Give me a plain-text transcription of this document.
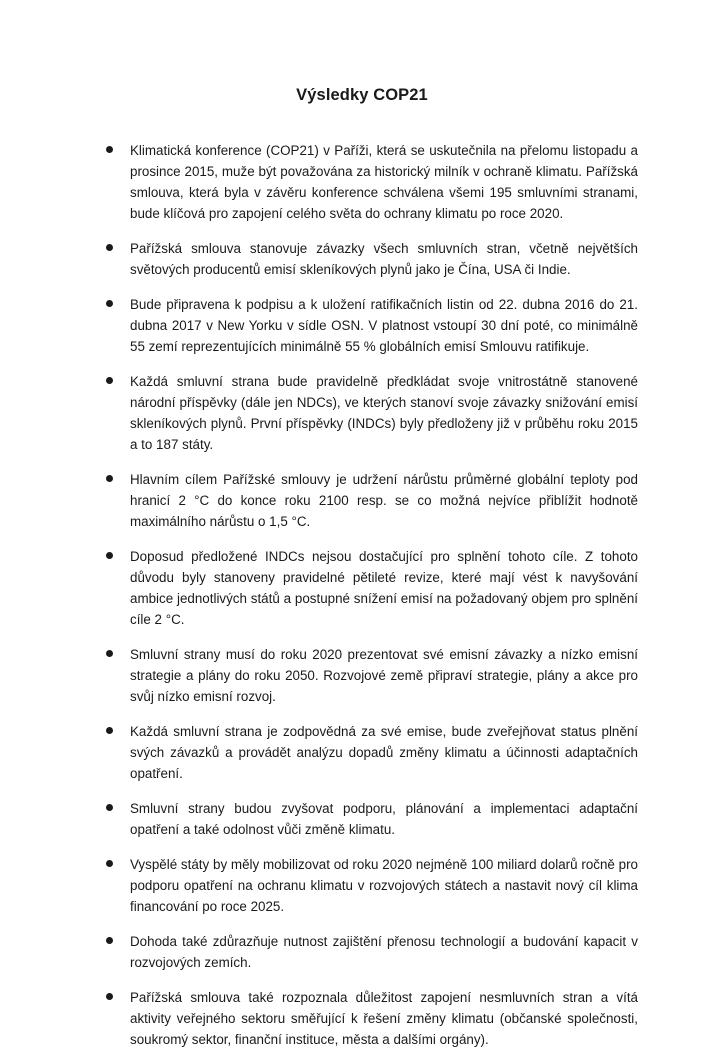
Výsledky COP21
Klimatická konference (COP21) v Paříži, která se uskutečnila na přelomu listopadu a prosince 2015, muže být považována za historický milník v ochraně klimatu. Pařížská smlouva, která byla v závěru konference schválena všemi 195 smluvními stranami, bude klíčová pro zapojení celého světa do ochrany klimatu po roce 2020.
Pařížská smlouva stanovuje závazky všech smluvních stran, včetně největších světových producentů emisí skleníkových plynů jako je Čína, USA či Indie.
Bude připravena k podpisu a k uložení ratifikačních listin od 22. dubna 2016 do 21. dubna 2017 v New Yorku v sídle OSN. V platnost vstoupí 30 dní poté, co minimálně 55 zemí reprezentujících minimálně 55 % globálních emisí Smlouvu ratifikuje.
Každá smluvní strana bude pravidelně předkládat svoje vnitrostátně stanovené národní příspěvky (dále jen NDCs), ve kterých stanoví svoje závazky snižování emisí skleníkových plynů. První příspěvky (INDCs) byly předloženy již v průběhu roku 2015 a to 187 státy.
Hlavním cílem Pařížské smlouvy je udržení nárůstu průměrné globální teploty pod hranicí 2 °C do konce roku 2100 resp. se co možná nejvíce přiblížit hodnotě maximálního nárůstu o 1,5 °C.
Doposud předložené INDCs nejsou dostačující pro splnění tohoto cíle. Z tohoto důvodu byly stanoveny pravidelné pětileté revize, které mají vést k navyšování ambice jednotlivých států a postupné snížení emisí na požadovaný objem pro splnění cíle 2 °C.
Smluvní strany musí do roku 2020 prezentovat své emisní závazky a nízko emisní strategie a plány do roku 2050. Rozvojové země připraví strategie, plány a akce pro svůj nízko emisní rozvoj.
Každá smluvní strana je zodpovědná za své emise, bude zveřejňovat status plnění svých závazků a provádět analýzu dopadů změny klimatu a účinnosti adaptačních opatření.
Smluvní strany budou zvyšovat podporu, plánování a implementaci adaptační opatření a také odolnost vůči změně klimatu.
Vyspělé státy by měly mobilizovat od roku 2020 nejméně 100 miliard dolarů ročně pro podporu opatření na ochranu klimatu v rozvojových státech a nastavit nový cíl klima financování po roce 2025.
Dohoda také zdůrazňuje nutnost zajištění přenosu technologií a budování kapacit v rozvojových zemích.
Pařížská smlouva také rozpoznala důležitost zapojení nesmluvních stran a vítá aktivity veřejného sektoru směřující k řešení změny klimatu (občanské společnosti, soukromý sektor, finanční instituce, města a dalšími orgány).
